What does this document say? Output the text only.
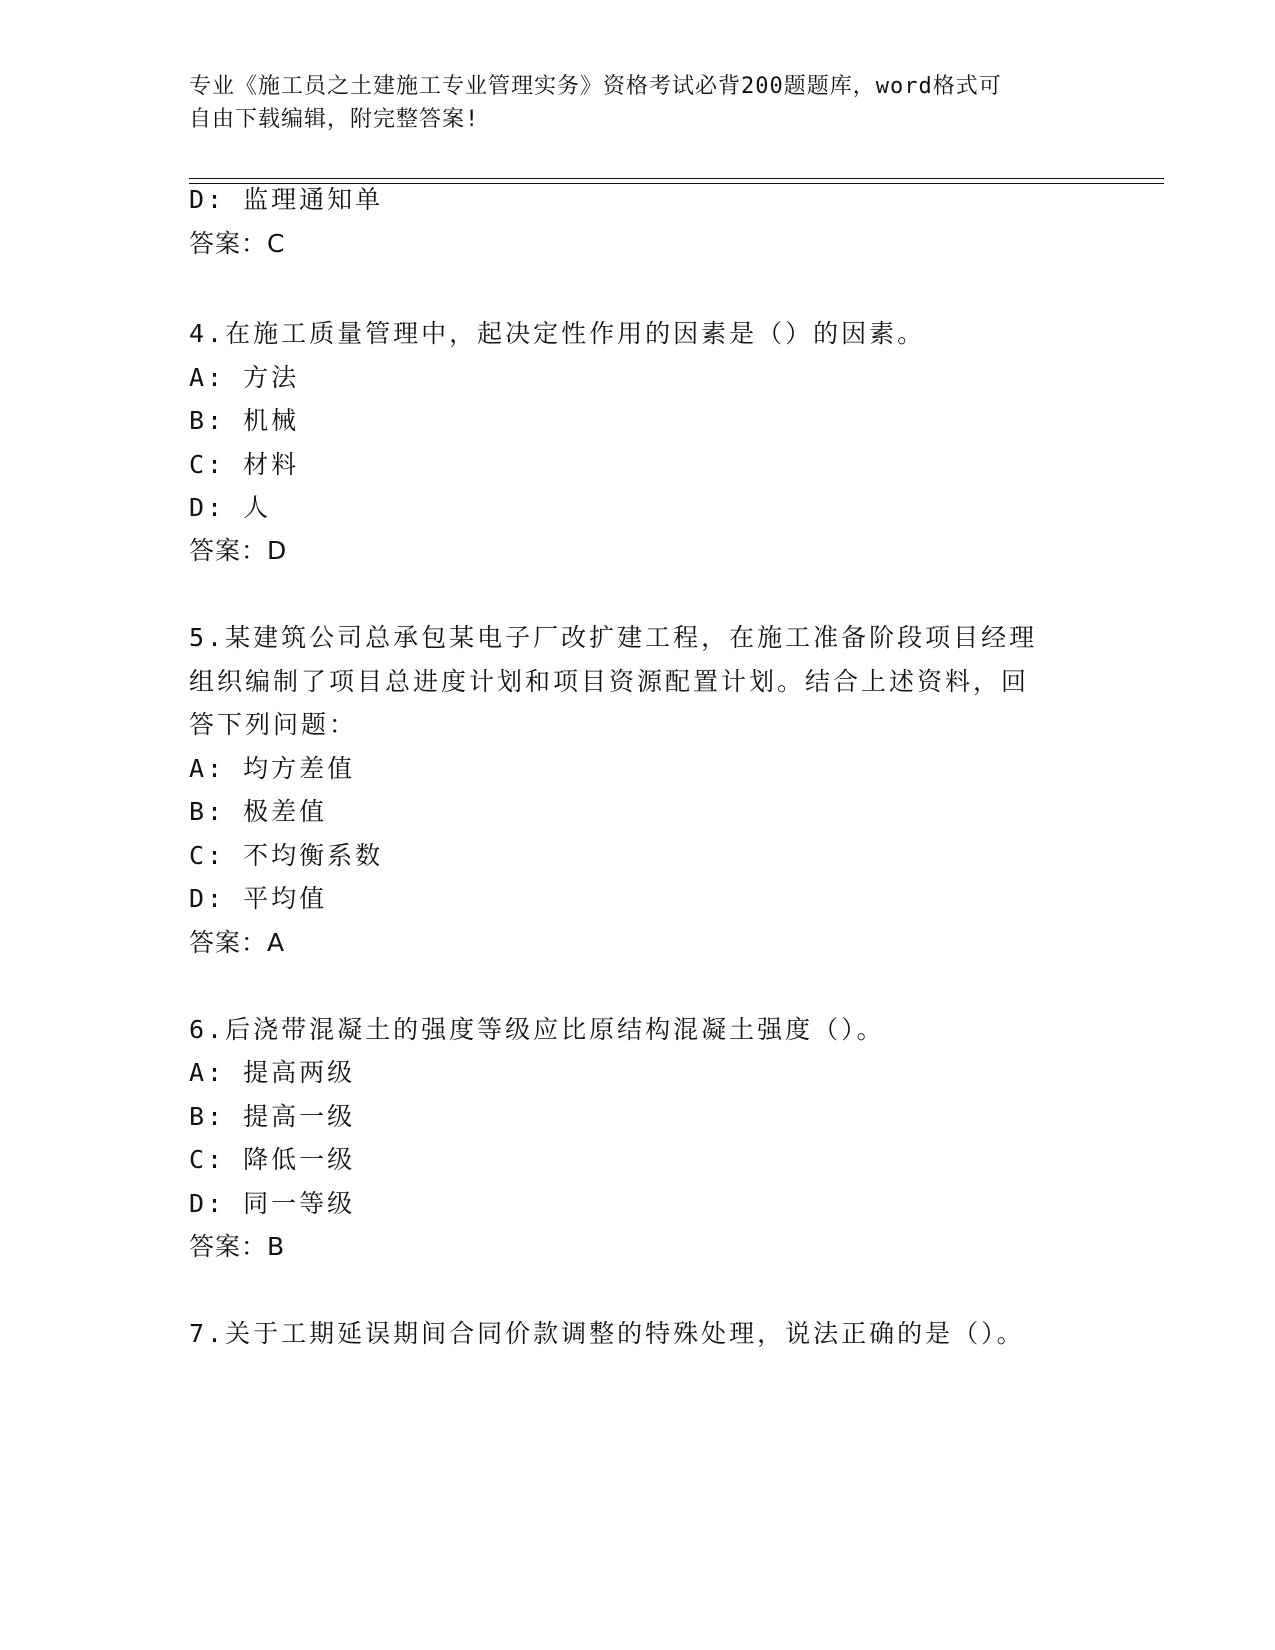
专业《施工员之土建施工专业管理实务》资格考试必背200题题库，word格式可
自由下载编辑，附完整答案!
D: 监理通知单
答案：C
4.在施工质量管理中，起决定性作用的因素是（）的因素。
A: 方法
B: 机械
C: 材料
D: 人
答案：D
5.某建筑公司总承包某电子厂改扩建工程，在施工准备阶段项目经理
组织编制了项目总进度计划和项目资源配置计划。结合上述资料，回
答下列问题：
A: 均方差值
B: 极差值
C: 不均衡系数
D: 平均值
答案：A
6.后浇带混凝土的强度等级应比原结构混凝土强度（）。
A: 提高两级
B: 提高一级
C: 降低一级
D: 同一等级
答案：B
7.关于工期延误期间合同价款调整的特殊处理，说法正确的是（）。
